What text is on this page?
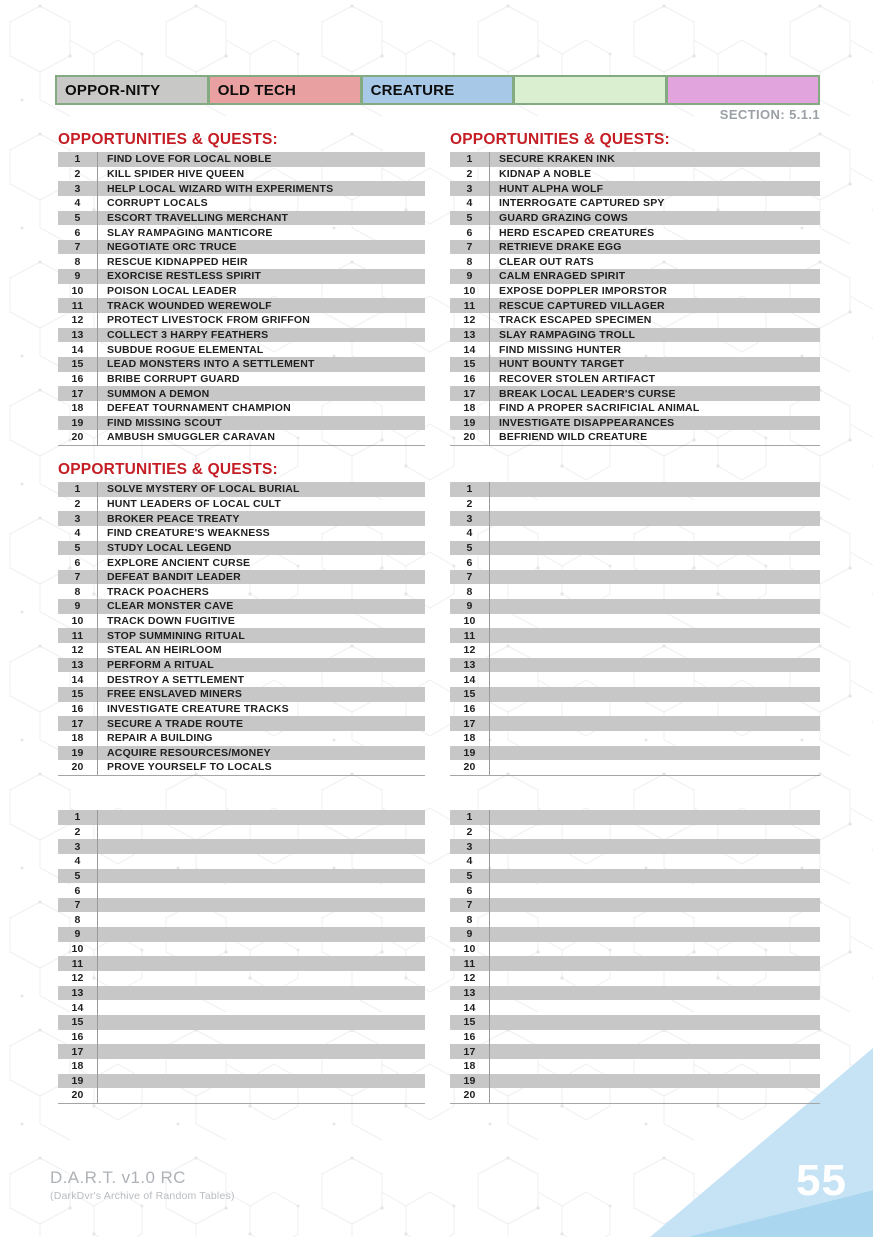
OPPOR-NITY	OLD TECH	CREATURE
SECTION: 5.1.1
OPPORTUNITIES & QUESTS:
1	FIND LOVE FOR LOCAL NOBLE
2	KILL SPIDER HIVE QUEEN
3	HELP LOCAL WIZARD WITH EXPERIMENTS
4	CORRUPT LOCALS
5	ESCORT TRAVELLING MERCHANT
6	SLAY RAMPAGING MANTICORE
7	NEGOTIATE ORC TRUCE
8	RESCUE KIDNAPPED HEIR
9	EXORCISE RESTLESS SPIRIT
10	POISON LOCAL LEADER
11	TRACK WOUNDED WEREWOLF
12	PROTECT LIVESTOCK FROM GRIFFON
13	COLLECT 3 HARPY FEATHERS
14	SUBDUE ROGUE ELEMENTAL
15	LEAD MONSTERS INTO A SETTLEMENT
16	BRIBE CORRUPT GUARD
17	SUMMON A DEMON
18	DEFEAT TOURNAMENT CHAMPION
19	FIND MISSING SCOUT
20	AMBUSH SMUGGLER CARAVAN
OPPORTUNITIES & QUESTS:
1	SECURE KRAKEN INK
2	KIDNAP A NOBLE
3	HUNT ALPHA WOLF
4	INTERROGATE CAPTURED SPY
5	GUARD GRAZING COWS
6	HERD ESCAPED CREATURES
7	RETRIEVE DRAKE EGG
8	CLEAR OUT RATS
9	CALM ENRAGED SPIRIT
10	EXPOSE DOPPLER IMPORSTOR
11	RESCUE CAPTURED VILLAGER
12	TRACK ESCAPED SPECIMEN
13	SLAY RAMPAGING TROLL
14	FIND MISSING HUNTER
15	HUNT BOUNTY TARGET
16	RECOVER STOLEN ARTIFACT
17	BREAK LOCAL LEADER'S CURSE
18	FIND A PROPER SACRIFICIAL ANIMAL
19	INVESTIGATE DISAPPEARANCES
20	BEFRIEND WILD CREATURE
OPPORTUNITIES & QUESTS:
1	SOLVE MYSTERY OF LOCAL BURIAL
2	HUNT LEADERS OF LOCAL CULT
3	BROKER PEACE TREATY
4	FIND CREATURE'S WEAKNESS
5	STUDY LOCAL LEGEND
6	EXPLORE ANCIENT CURSE
7	DEFEAT BANDIT LEADER
8	TRACK POACHERS
9	CLEAR MONSTER CAVE
10	TRACK DOWN FUGITIVE
11	STOP SUMMINING RITUAL
12	STEAL AN HEIRLOOM
13	PERFORM A RITUAL
14	DESTROY A SETTLEMENT
15	FREE ENSLAVED MINERS
16	INVESTIGATE CREATURE TRACKS
17	SECURE A TRADE ROUTE
18	REPAIR A BUILDING
19	ACQUIRE RESOURCES/MONEY
20	PROVE YOURSELF TO LOCALS
1
2
3
4
5
6
7
8
9
10
11
12
13
14
15
16
17
18
19
20
1
2
3
4
5
6
7
8
9
10
11
12
13
14
15
16
17
18
19
20
1
2
3
4
5
6
7
8
9
10
11
12
13
14
15
16
17
18
19
20
D.A.R.T. v1.0 RC
(DarkDvr's Archive of Random Tables)	55
